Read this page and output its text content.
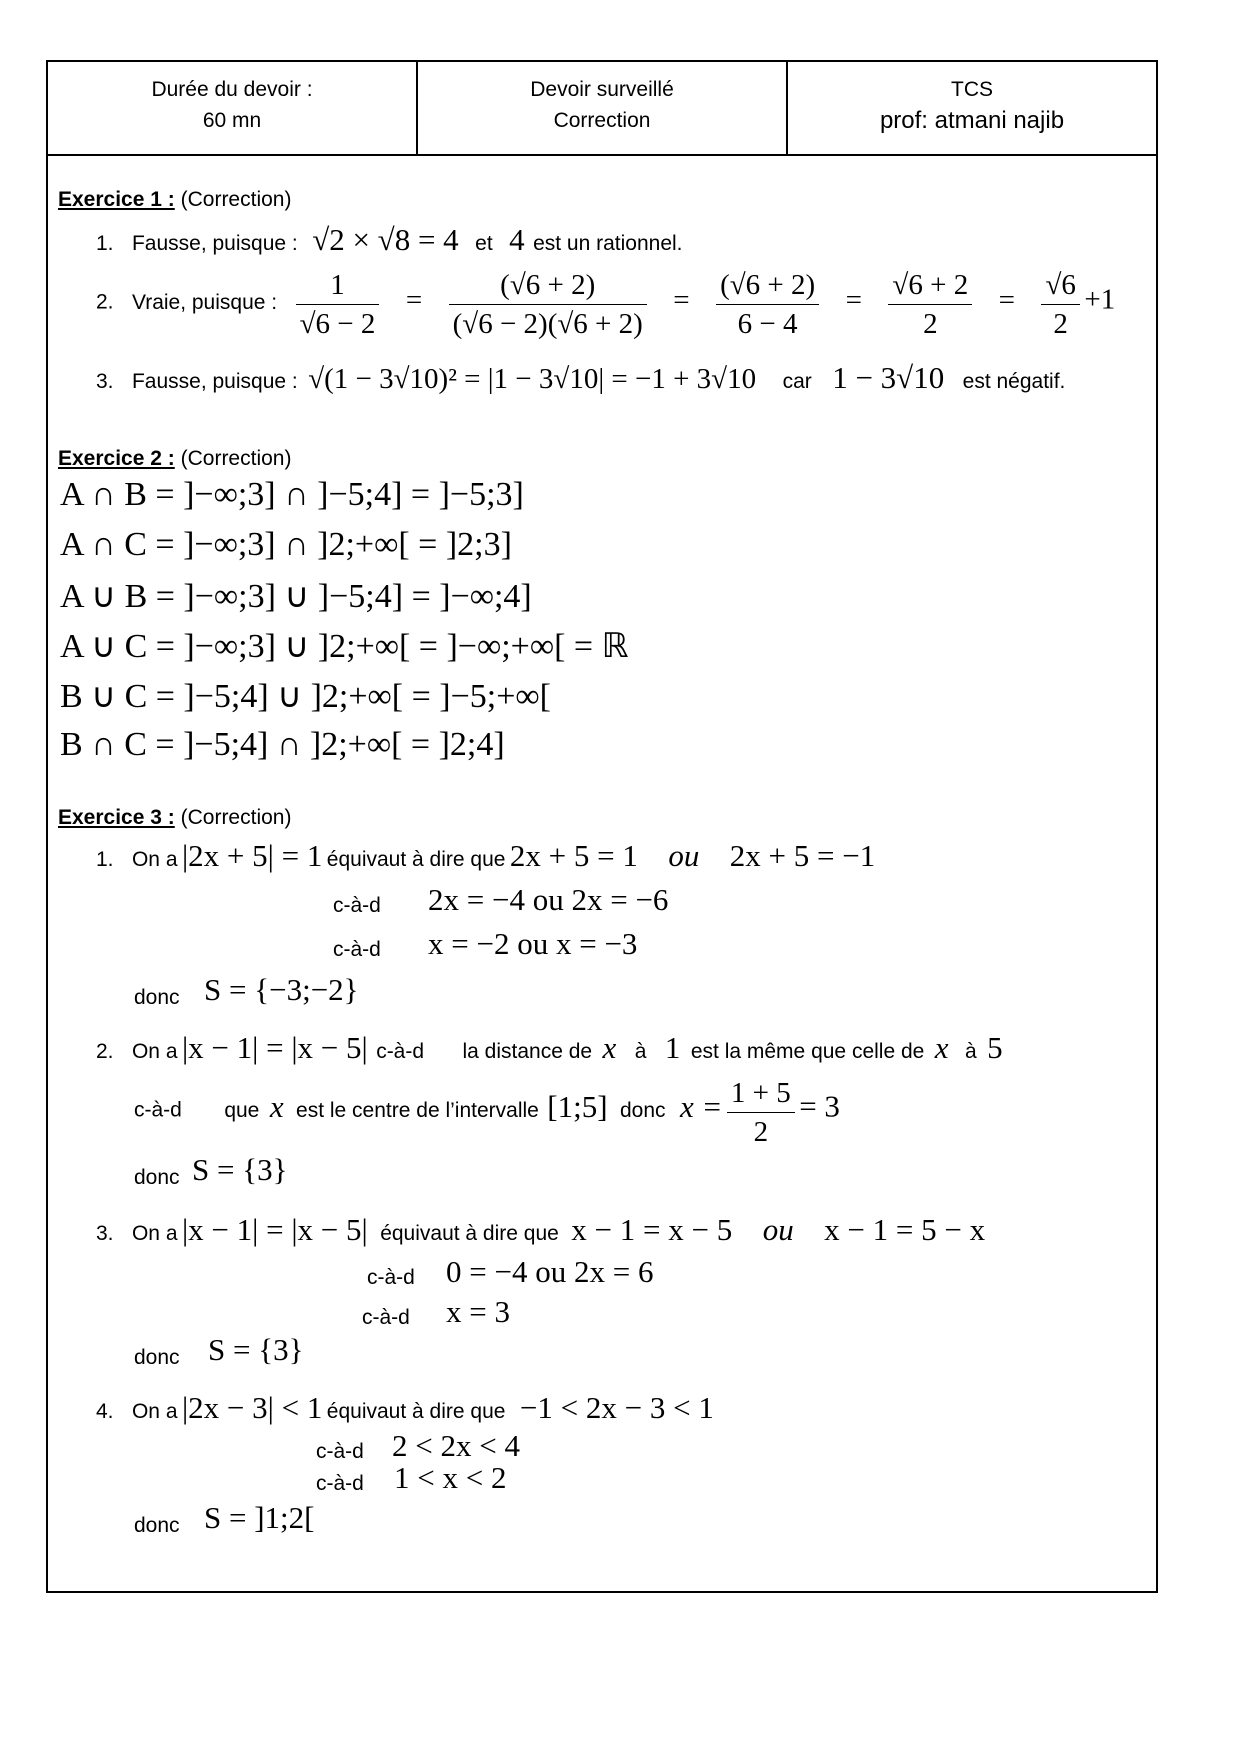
Durée du devoir :
60 mn
Devoir surveillé
Correction
TCS
prof: atmani najib
Exercice 1 : (Correction)
1. Fausse, puisque : √2 × √8 = 4 et 4 est un rationnel.
2. Vraie, puisque : $\frac{1}{√6 - 2} = \frac{(√6 + 2)}{(√6 - 2)(√6 + 2)} = \frac{(√6 + 2)}{6 - 4} = \frac{√6 + 2}{2} = \frac{√6}{2} +1$
3. Fausse, puisque : √(1 − 3√10)² = |1 − 3√10| = −1 + 3√10 car 1 − 3√10 est négatif.
Exercice 2 : (Correction)
A ∩ B = ]−∞;3] ∩ ]−5;4] = ]−5;3]
A ∩ C = ]−∞;3] ∩ ]2;+∞[ = ]2;3]
A ∪ B = ]−∞;3] ∪ ]−5;4] = ]−∞;4]
A ∪ C = ]−∞;3] ∪ ]2;+∞[ = ]−∞;+∞[ = ℝ
B ∪ C = ]−5;4] ∪ ]2;+∞[ = ]−5;+∞[
B ∩ C = ]−5;4] ∩ ]2;+∞[ = ]2;4]
Exercice 3 : (Correction)
1. On a |2x + 5| = 1 équivaut à dire que 2x + 5 = 1 ou 2x + 5 = −1
c-à-d 2x = −4 ou 2x = −6
c-à-d x = −2 ou x = −3
donc S = {−3;−2}
2. On a |x − 1| = |x − 5| c-à-d la distance de x à 1 est la même que celle de x à 5
c-à-d que x est le centre de l’intervalle [1;5] donc $x = \frac{1 + 5}{2} = 3$
donc S = {3}
3. On a |x − 1| = |x − 5| équivaut à dire que x − 1 = x − 5 ou x − 1 = 5 − x
c-à-d 0 = −4 ou 2x = 6
c-à-d x = 3
donc S = {3}
4. On a |2x − 3| < 1 équivaut à dire que −1 < 2x − 3 < 1
c-à-d 2 < 2x < 4
c-à-d 1 < x < 2
donc S = ]1;2[
